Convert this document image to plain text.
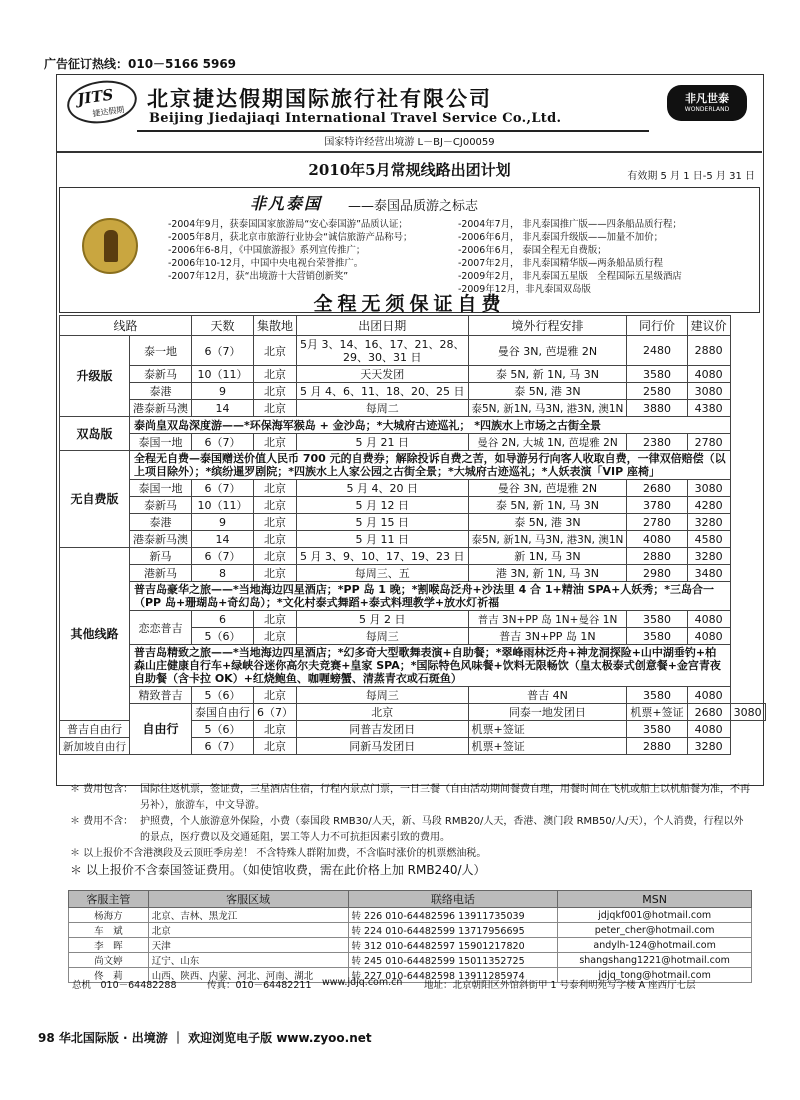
广告征订热线：010－5166 5969
JITS
捷达假期
北京捷达假期国际旅行社有限公司
Beijing Jiedajiaqi International Travel Service Co.,Ltd.
非凡世泰
WONDERLAND
国家特许经营出境游 L－BJ－CJ00059
2010年5月常规线路出团计划	有效期 5 月 1 日-5 月 31 日
非凡泰国 ——泰国品质游之标志
-2004年9月，获泰国国家旅游局“安心泰国游”品质认证；
-2005年8月，获北京市旅游行业协会“诚信旅游产品称号；
-2006年6-8月，《中国旅游报》系列宣传推广；
-2006年10-12月，中国中央电视台荣誉推广。
-2007年12月，获“出境游十大营销创新奖”
-2004年7月， 非凡泰国推广版——四条船品质行程；
-2006年6月， 非凡泰国升级版——加量不加价；
-2006年6月， 泰国全程无自费版；
-2007年2月， 非凡泰国精华版—两条船品质行程
-2009年2月， 非凡泰国五星版　全程国际五星级酒店
-2009年12月，非凡泰国双岛版
全程无须保证自费
线路		天数	集散地	出团日期	境外行程安排	同行价	建议价	
升级版	泰一地	6（7）	北京	5月 3、14、16、17、21、28、29、30、31 日	曼谷 3N, 芭堤雅 2N	2480	2880	
	泰新马	10（11）	北京	天天发团	泰 5N, 新 1N, 马 3N	3580	4080	
	泰港	9	北京	5 月 4、6、11、18、20、25 日	泰 5N, 港 3N	2580	3080	
	港泰新马澳	14	北京	每周二	泰5N, 新1N, 马3N, 港3N, 澳1N	3880	4380	
双岛版	泰尚皇双岛深度游——*环保海军猴岛 + 金沙岛；*大城府古迹巡礼； *四族水上市场之古街全景							
	泰国一地	6（7）	北京	5 月 21 日	曼谷 2N, 大城 1N, 芭堤雅 2N	2380	2780	
无自费版	全程无自费—泰国赠送价值人民币 700 元的自费券；解除投诉自费之苦，如导游另行向客人收取自费，一律双倍赔偿（以上项目除外）；*缤纷暹罗剧院；*四族水上人家公园之古街全景；*大城府古迹巡礼；*人妖表演「VIP 座椅」							
	泰国一地	6（7）	北京	5 月 4、20 日	曼谷 3N, 芭堤雅 2N	2680	3080	
	泰新马	10（11）	北京	5 月 12 日	泰 5N, 新 1N, 马 3N	3780	4280	
	泰港	9	北京	5 月 15 日	泰 5N, 港 3N	2780	3280	
	港泰新马澳	14	北京	5 月 11 日	泰5N, 新1N, 马3N, 港3N, 澳1N	4080	4580	
其他线路	新马	6（7）	北京	5 月 3、9、10、17、19、23 日	新 1N, 马 3N	2880	3280	
	港新马	8	北京	每周三、五	港 3N, 新 1N, 马 3N	2980	3480	
	普吉岛豪华之旅——*当地海边四星酒店；*PP 岛 1 晚；*割喉岛泛舟+沙法里 4 合 1+精油 SPA+人妖秀；*三岛合一（PP 岛+珊瑚岛+奇幻岛）；*文化村泰式舞蹈+泰式料理教学+放水灯祈福							
	恋恋普吉	6	北京	5 月 2 日	普吉 3N+PP 岛 1N+曼谷 1N	3580	4080	
		5（6）	北京	每周三	普吉 3N+PP 岛 1N	3580	4080	
	普吉岛精致之旅——*当地海边四星酒店；*幻多奇大型歌舞表演+自助餐；*翠峰雨林泛舟+神龙洞探险+山中湖垂钓+柏森山庄健康自行车+绿峡谷迷你高尔夫竞赛+皇家 SPA；*国际特色风味餐+饮料无限畅饮（皇太极泰式创意餐+金宫青夜自助餐（含卡拉 OK）+红烧鲍鱼、咖喱螃蟹、清蒸青衣或石斑鱼）							
	精致普吉	5（6）	北京	每周三	普吉 4N	3580	4080	
	自由行	泰国自由行	6（7）	北京	同泰一地发团日	机票+签证	2680	3080
普吉自由行		5（6）	北京	同普吉发团日	机票+签证	3580	4080	
新加坡自由行		6（7）	北京	同新马发团日	机票+签证	2880	3280	

＊ 费用包含： 国际往返机票，签证费，三星酒店住宿，行程内景点门票，一日三餐（自由活动期间餐费自理，用餐时间在飞机或船上以机船餐为准，不再另补），旅游车，中文导游。

＊ 费用不含： 护照费，个人旅游意外保险，小费（泰国段 RMB30/人天，新、马段 RMB20/人天，香港、澳门段 RMB50/人/天），个人消费，行程以外的景点，医疗费以及交通延阻，罢工等人力不可抗拒因素引致的费用。

＊ 以上报价不含港澳段及云顶旺季房差！ 不含特殊人群附加费，不含临时涨价的机票燃油税。

＊ 以上报价不含泰国签证费用。（如使馆收费，需在此价格上加 RMB240/人）

客服主管	客服区域	联络电话	MSN
杨海方	北京、吉林、黑龙江	转 226 010-64482596 13911735039	jdjqkf001@hotmail.com
车　斌	北京	转 224 010-64482599 13717956695	peter_cher@hotmail.com
李　晖	天津	转 312 010-64482597 15901217820	andylh-124@hotmail.com
尚文婷	辽宁、山东	转 245 010-64482599 15011352725	shangshang1221@hotmail.com
佟　莉	山西、陕西、内蒙、河北、河南、湖北	转 227 010-64482598 13911285974	jdjq_tong@hotmail.com
总机　010－64482288	传真：010－64482211 www.jdjq.com.cn 地址：北京朝阳区外馆斜街甲 1 号泰利明苑写字楼 A 座西厅七层
98 华北国际版 · 出境游 ｜ 欢迎浏览电子版 www.zyoo.net
